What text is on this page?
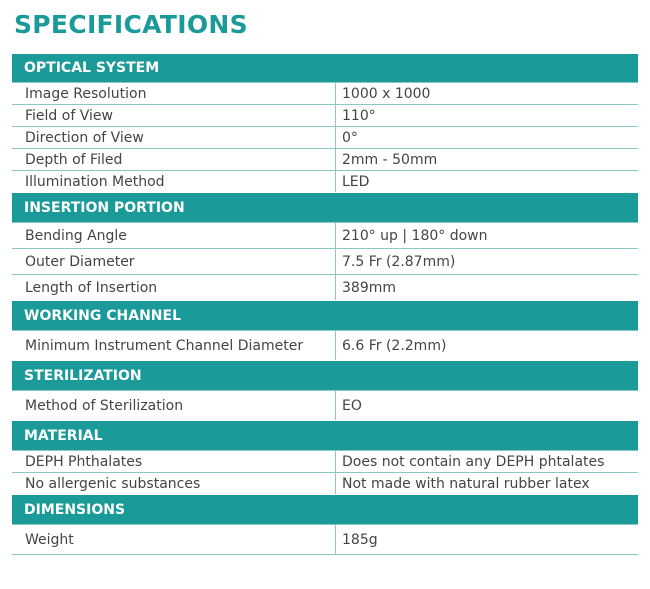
SPECIFICATIONS
OPTICAL SYSTEM
Image Resolution	1000 x 1000
Field of View	110°
Direction of View	0°
Depth of Filed	2mm - 50mm
Illumination Method	LED
INSERTION PORTION
Bending Angle	210° up | 180° down
Outer Diameter	7.5 Fr (2.87mm)
Length of Insertion	389mm
WORKING CHANNEL
Minimum Instrument Channel Diameter	6.6 Fr (2.2mm)
STERILIZATION
Method of Sterilization	EO
MATERIAL
DEPH Phthalates	Does not contain any DEPH phtalates
No allergenic substances	Not made with natural rubber latex
DIMENSIONS
Weight	185g
